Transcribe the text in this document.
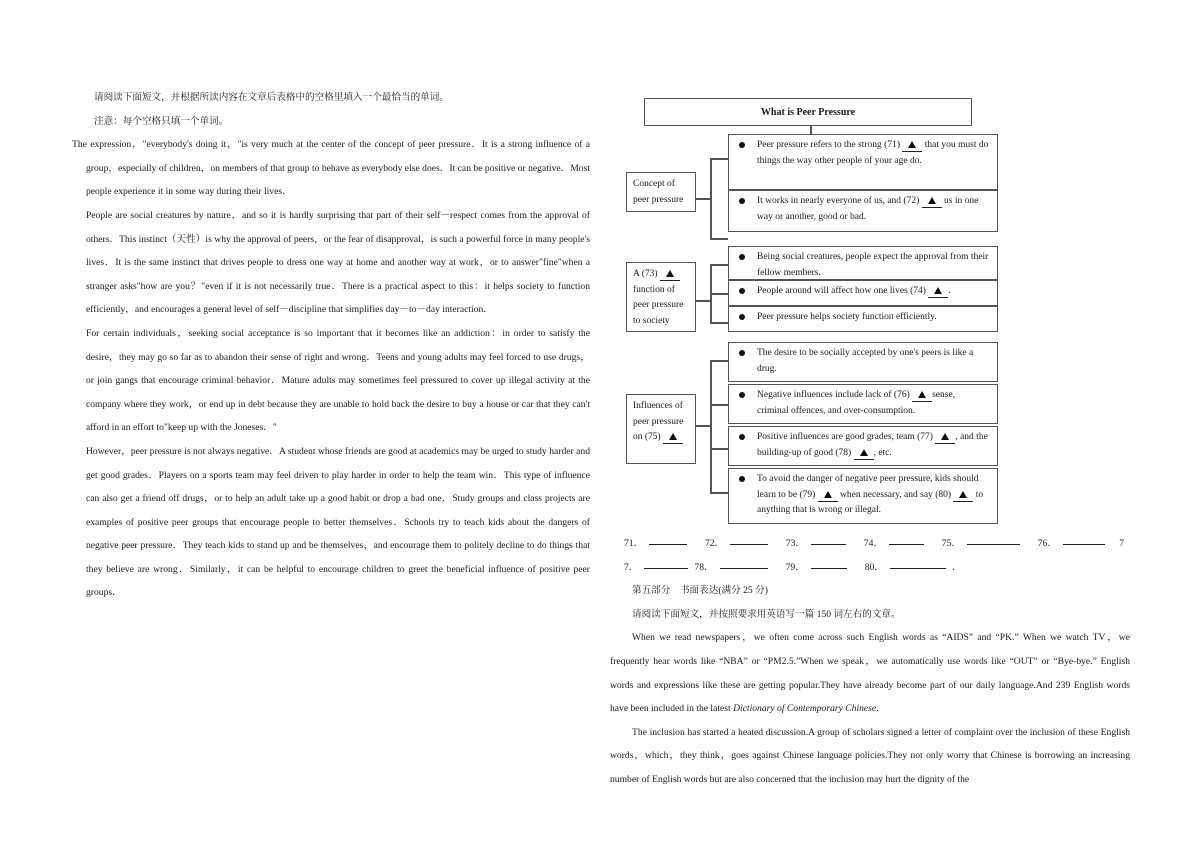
请阅读下面短文，并根据所读内容在文章后表格中的空格里填入一个最恰当的单词。

注意：每个空格只填一个单词。

The expression，"everybody's doing it，"is very much at the center of the concept of peer pressure．It is a strong influence of a group，especially of children，on members of that group to behave as everybody else does．It can be positive or negative．Most people experience it in some way during their lives．

People are social creatures by nature，and so it is hardly surprising that part of their self－respect comes from the approval of others．This instinct（天性）is why the approval of peers，or the fear of disapproval，is such a powerful force in many people's lives．It is the same instinct that drives people to dress one way at home and another way at work，or to answer"fine"when a stranger asks"how are you？"even if it is not necessarily true．There is a practical aspect to this：it helps society to function efficiently，and encourages a general level of self－discipline that simplifies day－to－day interaction．

For certain individuals，seeking social acceptance is so important that it becomes like an addiction：in order to satisfy the desire，they may go so far as to abandon their sense of right and wrong．Teens and young adults may feel forced to use drugs，or join gangs that encourage criminal behavior．Mature adults may sometimes feel pressured to cover up illegal activity at the company where they work，or end up in debt because they are unable to hold back the desire to buy a house or car that they can't afford in an effort to"keep up with the Joneses．"

However，peer pressure is not always negative．A student whose friends are good at academics may be urged to study harder and get good grades．Players on a sports team may feel driven to play harder in order to help the team win．This type of influence can also get a friend off drugs，or to help an adult take up a good habit or drop a bad one．Study groups and class projects are examples of positive peer groups that encourage people to better themselves．Schools try to teach kids about the dangers of negative peer pressure．They teach kids to stand up and be themselves，and encourage them to politely decline to do things that they believe are wrong．Similarly，it can be helpful to encourage children to greet the beneficial influence of positive peer groups．

What is Peer Pressure
Concept of
peer pressure
Peer pressure refers to the strong (71)	that you must do things the way other people of your age do.
It works in nearly everyone of us, and (72)	us in one way or another, good or bad.
A (73)
function of
peer pressure
to society
Being social creatures, people expect the approval from their fellow members.
People around will affect how one lives (74) .
Peer pressure helps society function efficiently.
Influences of
peer pressure
on (75)
The desire to be socially accepted by one's peers is like a drug.
Negative influences include lack of (76) sense, criminal offences, and over-consumption.
Positive influences are good grades, team (77) , and the building-up of good (78) , etc.
To avoid the danger of negative peer pressure, kids should learn to be (79)	when necessary, and say (80)	to anything that is wrong or illegal.
71．	72．	73．	74．	75．	76．	7
7．	78．	79．	80．	．

第五部分　书面表达(满分 25 分)

请阅读下面短文，并按照要求用英语写一篇 150 词左右的文章。

When we read newspapers，we often come across such English words as “AIDS” and “PK.” When we watch TV，we frequently hear words like “NBA” or “PM2.5.”When we speak，we automatically use words like “OUT” or “Bye-bye.” English words and expressions like these are getting popular.They have already become part of our daily language.And 239 English words have been included in the latest Dictionary of Contemporary Chinese.

The inclusion has started a heated discussion.A group of scholars signed a letter of complaint over the inclusion of these English words，which，they think，goes against Chinese language policies.They not only worry that Chinese is borrowing an increasing number of English words but are also concerned that the inclusion may hurt the dignity of the
